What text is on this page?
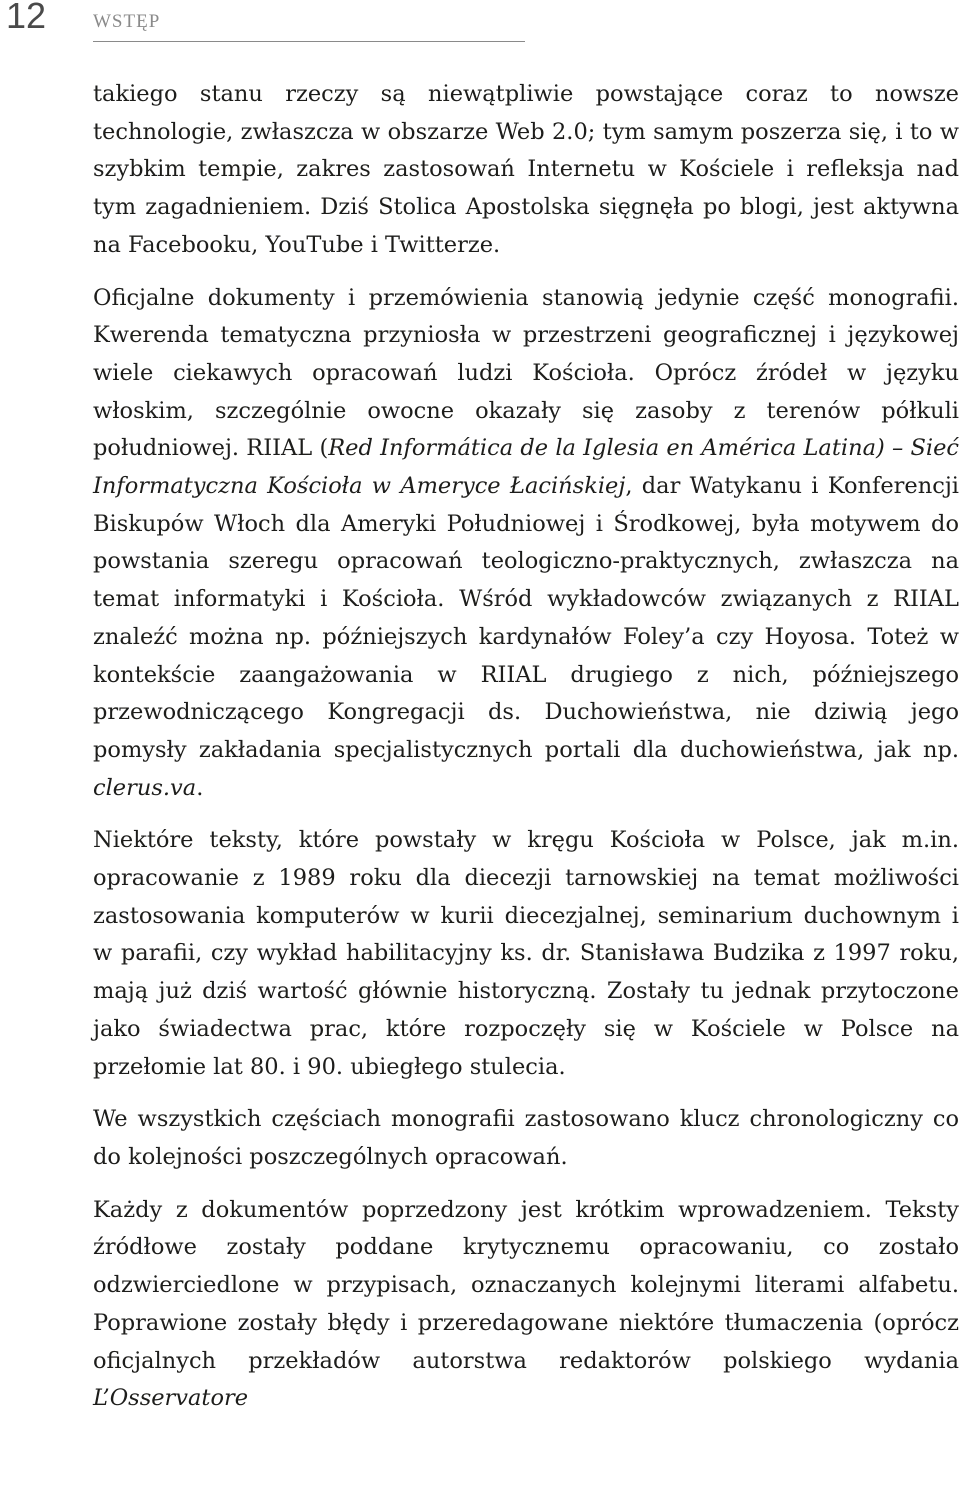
12 WSTĘP

takiego stanu rzeczy są niewątpliwie powstające coraz to nowsze technologie, zwłaszcza w obszarze Web 2.0; tym samym poszerza się, i to w szybkim tempie, zakres zastosowań Internetu w Kościele i refleksja nad tym zagadnieniem. Dziś Stolica Apostolska sięgnęła po blogi, jest aktywna na Facebooku, YouTube i Twitterze.

Oficjalne dokumenty i przemówienia stanowią jedynie część monografii. Kwerenda tematyczna przyniosła w przestrzeni geograficznej i językowej wiele ciekawych opracowań ludzi Kościoła. Oprócz źródeł w języku włoskim, szczególnie owocne okazały się zasoby z terenów półkuli południowej. RIIAL (Red Informática de la Iglesia en América Latina) – Sieć Informatyczna Kościoła w Ameryce Łacińskiej, dar Watykanu i Konferencji Biskupów Włoch dla Ameryki Południowej i Środkowej, była motywem do powstania szeregu opracowań teologiczno-praktycznych, zwłaszcza na temat informatyki i Kościoła. Wśród wykładowców związanych z RIIAL znaleźć można np. późniejszych kardynałów Foley’a czy Hoyosa. Toteż w kontekście zaangażowania w RIIAL drugiego z nich, późniejszego przewodniczącego Kongregacji ds. Duchowieństwa, nie dziwią jego pomysły zakładania specjalistycznych portali dla duchowieństwa, jak np. clerus.va.

Niektóre teksty, które powstały w kręgu Kościoła w Polsce, jak m.in. opracowanie z 1989 roku dla diecezji tarnowskiej na temat możliwości zastosowania komputerów w kurii diecezjalnej, seminarium duchownym i w parafii, czy wykład habilitacyjny ks. dr. Stanisława Budzika z 1997 roku, mają już dziś wartość głównie historyczną. Zostały tu jednak przytoczone jako świadectwa prac, które rozpoczęły się w Kościele w Polsce na przełomie lat 80. i 90. ubiegłego stulecia.

We wszystkich częściach monografii zastosowano klucz chronologiczny co do kolejności poszczególnych opracowań.

Każdy z dokumentów poprzedzony jest krótkim wprowadzeniem. Teksty źródłowe zostały poddane krytycznemu opracowaniu, co zostało odzwierciedlone w przypisach, oznaczanych kolejnymi literami alfabetu. Poprawione zostały błędy i przeredagowane niektóre tłumaczenia (oprócz oficjalnych przekładów autorstwa redaktorów polskiego wydania L’Osservatore
